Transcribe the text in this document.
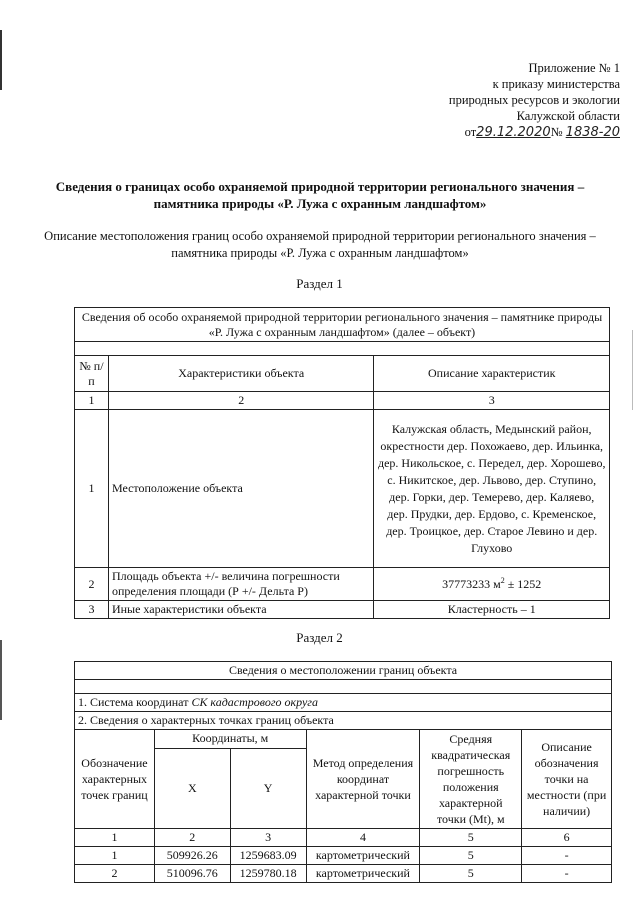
Приложение № 1
к приказу министерства
природных ресурсов и экологии
Калужской области
от29.12.2020№ 1838-20
Сведения о границах особо охраняемой природной территории регионального значения – памятника природы «Р. Лужа с охранным ландшафтом»
Описание местоположения границ особо охраняемой природной территории регионального значения – памятника природы «Р. Лужа с охранным ландшафтом»
Раздел 1
Сведения об особо охраняемой природной территории регионального значения – памятнике природы «Р. Лужа с охранным ландшафтом» (далее – объект)		

№ п/п	Характеристики объекта	Описание характеристик
1	2	3
1	Местоположение объекта	Калужская область, Медынский район, окрестности дер. Похожаево, дер. Ильинка, дер. Никольское, с. Передел, дер. Хорошево, с. Никитское, дер. Львово, дер. Ступино, дер. Горки, дер. Темерево, дер. Каляево, дер. Прудки, дер. Ердово, с. Кременское, дер. Троицкое, дер. Старое Левино и дер. Глухово
2	Площадь объекта +/- величина погрешности определения площади (Р +/- Дельта Р)	37773233 $м^2 \pm 1252$
3	Иные характеристики объекта	Кластерность – 1
Раздел 2
Сведения о местоположении границ объекта					

1. Система координат СК кадастрового округа					
2. Сведения о характерных точках границ объекта					
Обозначение характерных точек границ	Координаты, м		Метод определения координат характерной точки	Средняя квадратическая погрешность положения характерной точки (Mt), м	Описание обозначения точки на местности (при наличии)
	X	Y			
1	2	3	4	5	6
1	509926.26	1259683.09	картометрический	5	-
2	510096.76	1259780.18	картометрический	5	-
